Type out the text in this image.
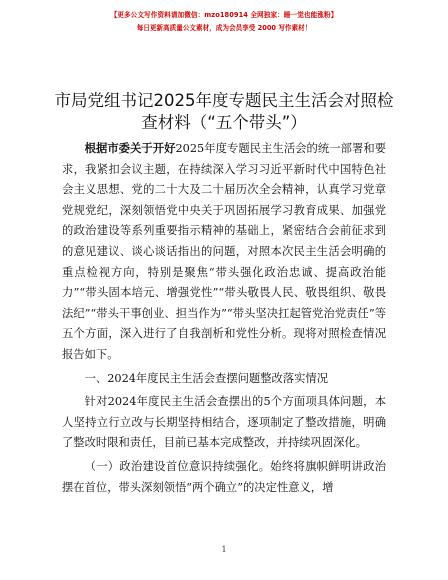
【更多公文写作资料请加微信：mzo180914 全网独家：睡一觉也能涨粉】
每日更新高质量公文素材，成为会员享受 2000 写作素材！
市局党组书记2025年度专题民主生活会对照检查材料（“五个带头”）

根据市委关于开好2025年度专题民主生活会的统一部署和要求，我紧扣会议主题，在持续深入学习习近平新时代中国特色社会主义思想、党的二十大及二十届历次全会精神，认真学习党章党规党纪，深刻领悟党中央关于巩固拓展学习教育成果、加强党的政治建设等系列重要指示精神的基础上，紧密结合会前征求到的意见建议、谈心谈话指出的问题，对照本次民主生活会明确的重点检视方向，特别是聚焦“带头强化政治忠诚、提高政治能力”“带头固本培元、增强党性”“带头敬畏人民、敬畏组织、敬畏法纪”“带头干事创业、担当作为”“带头坚决扛起管党治党责任”等五个方面，深入进行了自我剖析和党性分析。现将对照检查情况报告如下。

一、2024年度民主生活会查摆问题整改落实情况

针对2024年度民主生活会查摆出的5个方面项具体问题，本人坚持立行立改与长期坚持相结合，逐项制定了整改措施，明确了整改时限和责任，目前已基本完成整改，并持续巩固深化。

（一）政治建设首位意识持续强化。始终将旗帜鲜明讲政治摆在首位，带头深刻领悟“两个确立”的决定性意义，增

1
